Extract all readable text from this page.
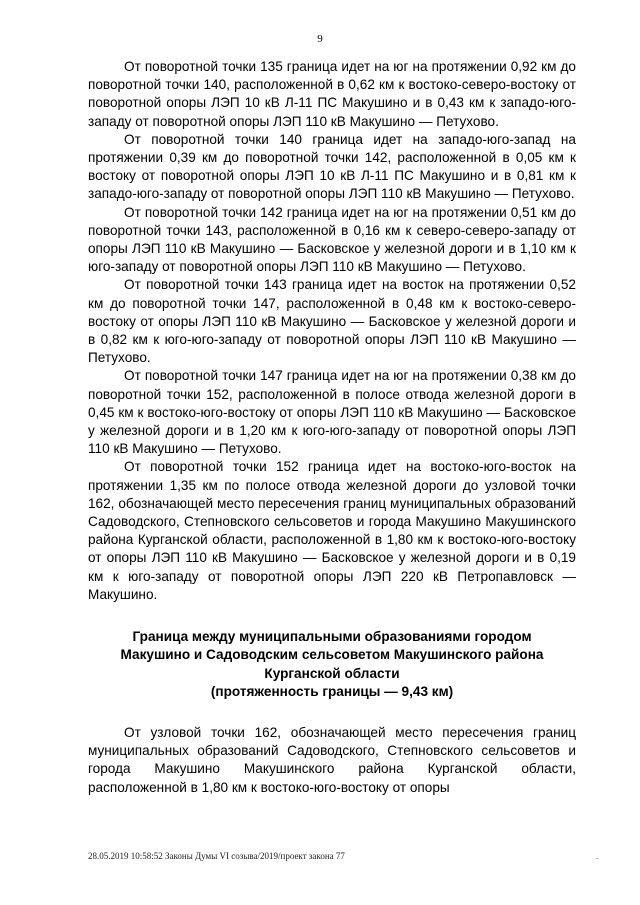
9

От поворотной точки 135 граница идет на юг на протяжении 0,92 км до поворотной точки 140, расположенной в 0,62 км к востоко-северо-востоку от поворотной опоры ЛЭП 10 кВ Л-11 ПС Макушино и в 0,43 км к западо-юго-западу от поворотной опоры ЛЭП 110 кВ Макушино — Петухово.

От поворотной точки 140 граница идет на западо-юго-запад на протяжении 0,39 км до поворотной точки 142, расположенной в 0,05 км к востоку от поворотной опоры ЛЭП 10 кВ Л-11 ПС Макушино и в 0,81 км к западо-юго-западу от поворотной опоры ЛЭП 110 кВ Макушино — Петухово.

От поворотной точки 142 граница идет на юг на протяжении 0,51 км до поворотной точки 143, расположенной в 0,16 км к северо-северо-западу от опоры ЛЭП 110 кВ Макушино — Басковское у железной дороги и в 1,10 км к юго-западу от поворотной опоры ЛЭП 110 кВ Макушино — Петухово.

От поворотной точки 143 граница идет на восток на протяжении 0,52 км до поворотной точки 147, расположенной в 0,48 км к востоко-северо-востоку от опоры ЛЭП 110 кВ Макушино — Басковское у железной дороги и в 0,82 км к юго-юго-западу от поворотной опоры ЛЭП 110 кВ Макушино — Петухово.

От поворотной точки 147 граница идет на юг на протяжении 0,38 км до поворотной точки 152, расположенной в полосе отвода железной дороги в 0,45 км к востоко-юго-востоку от опоры ЛЭП 110 кВ Макушино — Басковское у железной дороги и в 1,20 км к юго-юго-западу от поворотной опоры ЛЭП 110 кВ Макушино — Петухово.

От поворотной точки 152 граница идет на востоко-юго-восток на протяжении 1,35 км по полосе отвода железной дороги до узловой точки 162, обозначающей место пересечения границ муниципальных образований Садоводского, Степновского сельсоветов и города Макушино Макушинского района Курганской области, расположенной в 1,80 км к востоко-юго-востоку от опоры ЛЭП 110 кВ Макушино — Басковское у железной дороги и в 0,19 км к юго-западу от поворотной опоры ЛЭП 220 кВ Петропавловск — Макушино.

Граница между муниципальными образованиями городом
Макушино и Садоводским сельсоветом Макушинского района
Курганской области
(протяженность границы — 9,43 км)

От узловой точки 162, обозначающей место пересечения границ муниципальных образований Садоводского, Степновского сельсоветов и города Макушино Макушинского района Курганской области, расположенной в 1,80 км к востоко-юго-востоку от опоры

28.05.2019 10:58:52 Законы Думы VI созыва/2019/проект закона 77	.
